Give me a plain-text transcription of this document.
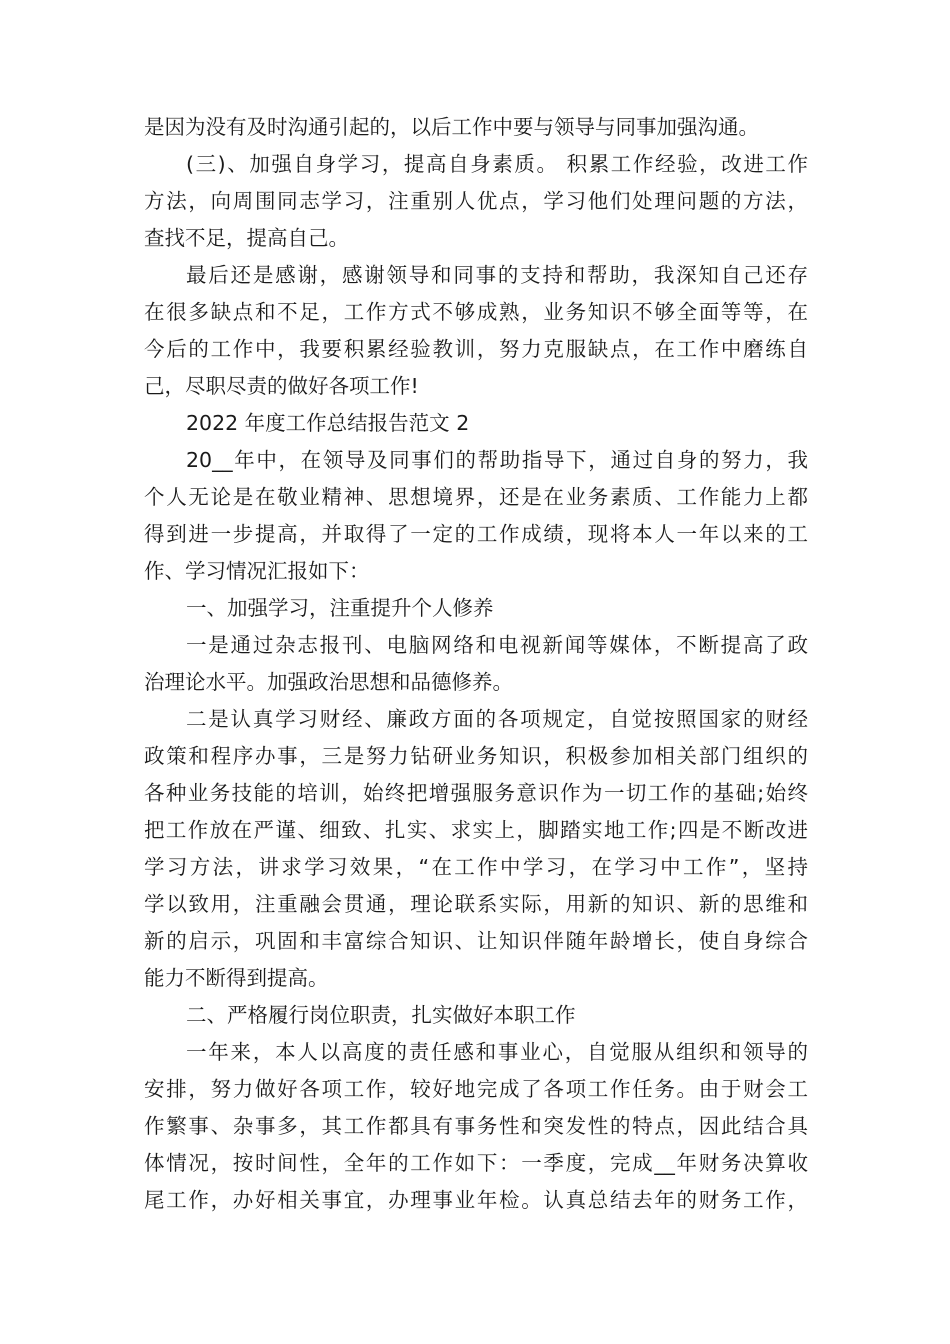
是因为没有及时沟通引起的，以后工作中要与领导与同事加强沟通。
(三)、加强自身学习，提高自身素质。 积累工作经验，改进工作
方法，向周围同志学习，注重别人优点，学习他们处理问题的方法，
查找不足，提高自己。
最后还是感谢，感谢领导和同事的支持和帮助，我深知自己还存
在很多缺点和不足，工作方式不够成熟，业务知识不够全面等等，在
今后的工作中，我要积累经验教训，努力克服缺点，在工作中磨练自
己，尽职尽责的做好各项工作!
2022 年度工作总结报告范文 2
20__年中，在领导及同事们的帮助指导下，通过自身的努力，我
个人无论是在敬业精神、思想境界，还是在业务素质、工作能力上都
得到进一步提高，并取得了一定的工作成绩，现将本人一年以来的工
作、学习情况汇报如下：
一、加强学习，注重提升个人修养
一是通过杂志报刊、电脑网络和电视新闻等媒体，不断提高了政
治理论水平。加强政治思想和品德修养。
二是认真学习财经、廉政方面的各项规定，自觉按照国家的财经
政策和程序办事，三是努力钻研业务知识，积极参加相关部门组织的
各种业务技能的培训，始终把增强服务意识作为一切工作的基础;始终
把工作放在严谨、细致、扎实、求实上，脚踏实地工作;四是不断改进
学习方法，讲求学习效果，“在工作中学习，在学习中工作”，坚持
学以致用，注重融会贯通，理论联系实际，用新的知识、新的思维和
新的启示，巩固和丰富综合知识、让知识伴随年龄增长，使自身综合
能力不断得到提高。
二、严格履行岗位职责，扎实做好本职工作
一年来，本人以高度的责任感和事业心，自觉服从组织和领导的
安排，努力做好各项工作，较好地完成了各项工作任务。由于财会工
作繁事、杂事多，其工作都具有事务性和突发性的特点，因此结合具
体情况，按时间性，全年的工作如下：一季度，完成__年财务决算收
尾工作，办好相关事宜，办理事业年检。认真总结去年的财务工作，
